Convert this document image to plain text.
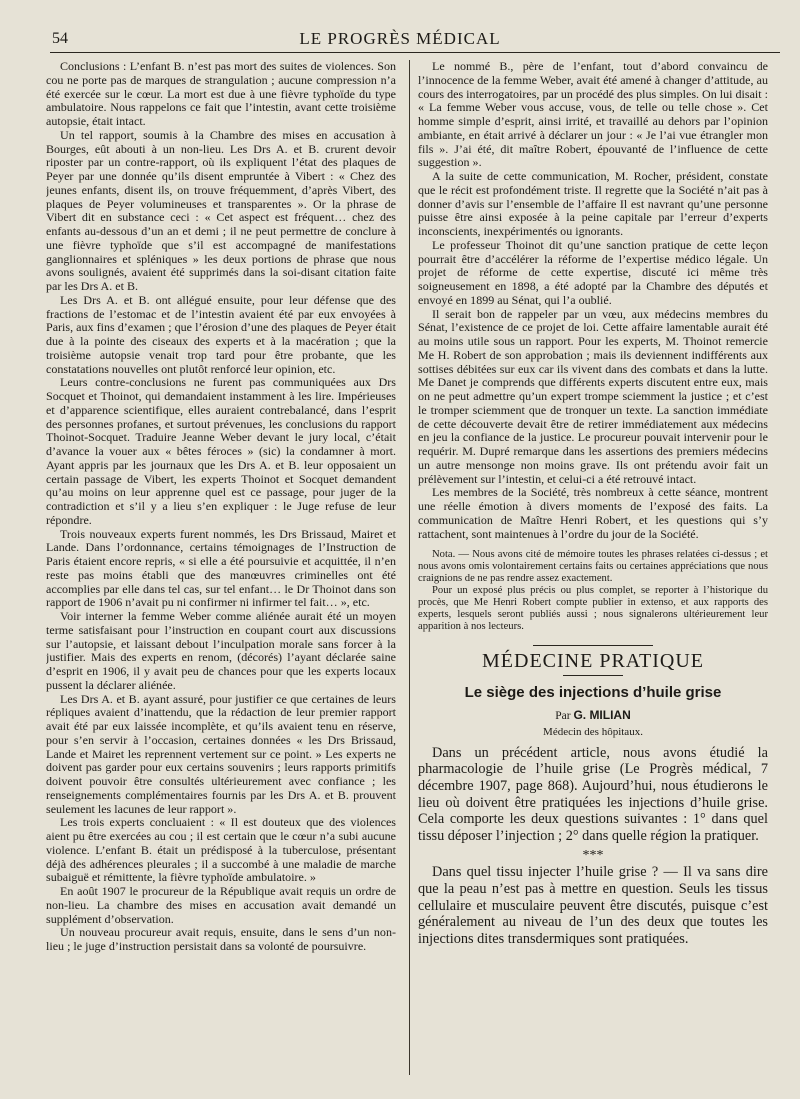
54	LE PROGRÈS MÉDICAL

Conclusions : L’enfant B. n’est pas mort des suites de violences. Son cou ne porte pas de marques de strangulation ; aucune compression n’a été exercée sur le cœur. La mort est due à une fièvre typhoïde du type ambulatoire. Nous rappelons ce fait que l’intestin, avant cette troisième autopsie, était intact.

Un tel rapport, soumis à la Chambre des mises en accusation à Bourges, eût abouti à un non-lieu. Les Drs A. et B. crurent devoir riposter par un contre-rapport, où ils expliquent l’état des plaques de Peyer par une donnée qu’ils disent empruntée à Vibert : « Chez des jeunes enfants, disent ils, on trouve fréquemment, d’après Vibert, des plaques de Peyer volumineuses et transparentes ». Or la phrase de Vibert dit en substance ceci : « Cet aspect est fréquent… chez des enfants au-dessous d’un an et demi ; il ne peut permettre de conclure à une fièvre typhoïde que s’il est accompagné de manifestations ganglionnaires et spléniques » les deux portions de phrase que nous avons soulignés, avaient été supprimés dans la soi-disant citation faite par les Drs A. et B.

Les Drs A. et B. ont allégué ensuite, pour leur défense que des fractions de l’estomac et de l’intestin avaient été par eux envoyées à Paris, aux fins d’examen ; que l’érosion d’une des plaques de Peyer était due à la pointe des ciseaux des experts et à la macération ; que la troisième autopsie venait trop tard pour être probante, que les constatations nouvelles ont plutôt renforcé leur opinion, etc.

Leurs contre-conclusions ne furent pas communiquées aux Drs Socquet et Thoinot, qui demandaient instamment à les lire. Impérieuses et d’apparence scientifique, elles auraient contrebalancé, dans l’esprit des personnes profanes, et surtout prévenues, les conclusions du rapport Thoinot-Socquet. Traduire Jeanne Weber devant le jury local, c’était d’avance la vouer aux « bêtes féroces » (sic) la condamner à mort. Ayant appris par les journaux que les Drs A. et B. leur opposaient un certain passage de Vibert, les experts Thoinot et Socquet demandent qu’au moins on leur apprenne quel est ce passage, pour juger de la contradiction et s’il y a lieu s’en expliquer : le Juge refuse de leur répondre.

Trois nouveaux experts furent nommés, les Drs Brissaud, Mairet et Lande. Dans l’ordonnance, certains témoignages de l’Instruction de Paris étaient encore repris, « si elle a été poursuivie et acquittée, il n’en reste pas moins établi que des manœuvres criminelles ont été accomplies par elle dans tel cas, sur tel enfant… le Dr Thoinot dans son rapport de 1906 n’avait pu ni confirmer ni infirmer tel fait… », etc.

Voir interner la femme Weber comme aliénée aurait été un moyen terme satisfaisant pour l’instruction en coupant court aux discussions sur l’autopsie, et laissant debout l’inculpation morale sans forcer à la justifier. Mais des experts en renom, (décorés) l’ayant déclarée saine d’esprit en 1906, il y avait peu de chances pour que les experts locaux pussent la déclarer aliénée.

Les Drs A. et B. ayant assuré, pour justifier ce que certaines de leurs répliques avaient d’inattendu, que la rédaction de leur premier rapport avait été par eux laissée incomplète, et qu’ils avaient tenu en réserve, pour s’en servir à l’occasion, certaines données « les Drs Brissaud, Lande et Mairet les reprennent vertement sur ce point. » Les experts ne doivent pas garder pour eux certains souvenirs ; leurs rapports primitifs doivent pouvoir être consultés ultérieurement avec confiance ; les renseignements complémentaires fournis par les Drs A. et B. prouvent seulement les lacunes de leur rapport ».

Les trois experts concluaient : « Il est douteux que des violences aient pu être exercées au cou ; il est certain que le cœur n’a subi aucune violence. L’enfant B. était un prédisposé à la tuberculose, présentant déjà des adhérences pleurales ; il a succombé à une maladie de marche subaiguë et rémittente, la fièvre typhoïde ambulatoire. »

En août 1907 le procureur de la République avait requis un ordre de non-lieu. La chambre des mises en accusation avait demandé un supplément d’observation.

Un nouveau procureur avait requis, ensuite, dans le sens d’un non-lieu ; le juge d’instruction persistait dans sa volonté de poursuivre.

Le nommé B., père de l’enfant, tout d’abord convaincu de l’innocence de la femme Weber, avait été amené à changer d’attitude, au cours des interrogatoires, par un procédé des plus simples. On lui disait : « La femme Weber vous accuse, vous, de telle ou telle chose ». Cet homme simple d’esprit, ainsi irrité, et travaillé au dehors par l’opinion ambiante, en était arrivé à déclarer un jour : « Je l’ai vue étrangler mon fils ». J’ai été, dit maître Robert, épouvanté de l’influence de cette suggestion ».

A la suite de cette communication, M. Rocher, président, constate que le récit est profondément triste. Il regrette que la Société n’ait pas à donner d’avis sur l’ensemble de l’affaire Il est navrant qu’une personne puisse être ainsi exposée à la peine capitale par l’erreur d’experts inconscients, inexpérimentés ou ignorants.

Le professeur Thoinot dit qu’une sanction pratique de cette leçon pourrait être d’accélérer la réforme de l’expertise médico légale. Un projet de réforme de cette expertise, discuté ici même très soigneusement en 1898, a été adopté par la Chambre des députés et envoyé en 1899 au Sénat, qui l’a oublié.

Il serait bon de rappeler par un vœu, aux médecins membres du Sénat, l’existence de ce projet de loi. Cette affaire lamentable aurait été au moins utile sous un rapport. Pour les experts, M. Thoinot remercie Me H. Robert de son approbation ; mais ils deviennent indifférents aux sottises débitées sur eux car ils vivent dans des combats et dans la lutte. Me Danet je comprends que différents experts discutent entre eux, mais on ne peut admettre qu’un expert trompe sciemment la justice ; et c’est le tromper sciemment que de tronquer un texte. La sanction immédiate de cette découverte devait être de retirer immédiatement aux médecins en jeu la confiance de la justice. Le procureur pouvait intervenir pour le requérir. M. Dupré remarque dans les assertions des premiers médecins un autre mensonge non moins grave. Ils ont prétendu avoir fait un prélèvement sur l’intestin, et celui-ci a été retrouvé intact.

Les membres de la Société, très nombreux à cette séance, montrent une réelle émotion à divers moments de l’exposé des faits. La communication de Maître Henri Robert, et les questions qui s’y rattachent, sont maintenues à l’ordre du jour de la Société.

Nota. — Nous avons cité de mémoire toutes les phrases relatées ci-dessus ; et nous avons omis volontairement certains faits ou certaines appréciations que nous craignions de ne pas rendre assez exactement.

Pour un exposé plus précis ou plus complet, se reporter à l’historique du procès, que Me Henri Robert compte publier in extenso, et aux rapports des experts, lesquels seront publiés aussi ; nous signalerons ultérieurement leur apparition à nos lecteurs.

MÉDECINE PRATIQUE
Le siège des injections d’huile grise
Par G. MILIAN
Médecin des hôpitaux.

Dans un précédent article, nous avons étudié la pharmacologie de l’huile grise (Le Progrès médical, 7 décembre 1907, page 868). Aujourd’hui, nous étudierons le lieu où doivent être pratiquées les injections d’huile grise. Cela comporte les deux questions suivantes : 1° dans quel tissu déposer l’injection ; 2° dans quelle région la pratiquer.

***

Dans quel tissu injecter l’huile grise ? — Il va sans dire que la peau n’est pas à mettre en question. Seuls les tissus cellulaire et musculaire peuvent être discutés, puisque c’est généralement au niveau de l’un des deux que toutes les injections dites transdermiques sont pratiquées.
